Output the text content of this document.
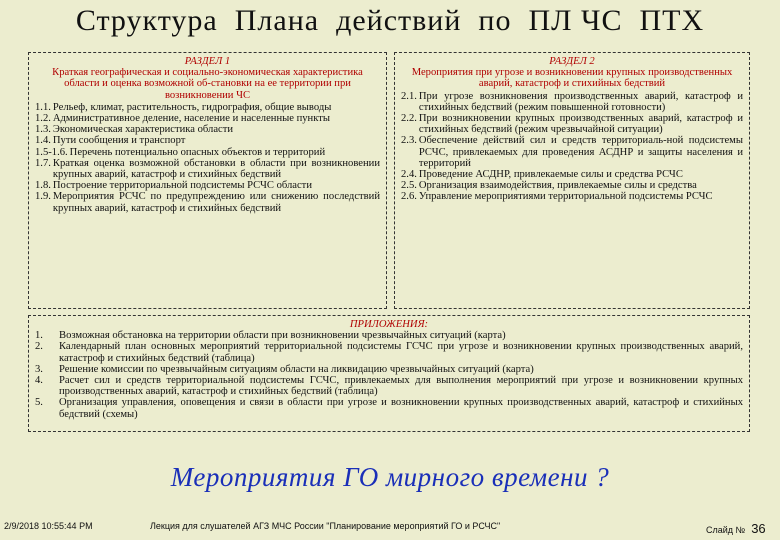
Структура  Плана  действий  по  ПЛ ЧС  ПТХ

РАЗДЕЛ 1

Краткая географическая и социально-экономическая характеристика области и оценка возможной об-становки на ее территории при возникновении ЧС

1.1. Рельеф, климат, растительность, гидрография, общие выводы
1.2. Административное деление, население и населенные пункты
1.3. Экономическая характеристика области
1.4. Пути сообщения и транспорт
1.5-1.6. Перечень потенциально опасных объектов и территорий
1.7. Краткая оценка возможной обстановки в области при возникновении крупных аварий, катастроф и стихийных бедствий
1.8. Построение территориальной подсистемы РСЧС области
1.9. Мероприятия РСЧС по предупреждению или снижению последствий крупных аварий, катастроф и стихийных бедствий

РАЗДЕЛ 2

Мероприятия при угрозе и возникновении крупных производственных аварий, катастроф и стихийных бедствий

2.1. При угрозе возникновения производственных аварий, катастроф и стихийных бедствий (режим повышенной готовности)
2.2. При возникновении крупных производственных аварий, катастроф и стихийных бедствий (режим чрезвычайной ситуации)
2.3. Обеспечение действий сил и средств территориаль-ной подсистемы РСЧС, привлекаемых для проведения АСДНР и защиты населения и территорий
2.4. Проведение АСДНР, привлекаемые силы и средства РСЧС
2.5. Организация взаимодействия, привлекаемые силы и средства
2.6. Управление мероприятиями территориальной подсистемы РСЧС

ПРИЛОЖЕНИЯ:

1.	Возможная обстановка на территории области при возникновении чрезвычайных ситуаций (карта)
2.	Календарный план основных мероприятий территориальной подсистемы ГСЧС при угрозе и возникновении крупных производственных аварий, катастроф и стихийных бедствий (таблица)
3.	Решение комиссии по чрезвычайным ситуациям области на ликвидацию чрезвычайных ситуаций (карта)
4.	Расчет сил и средств территориальной подсистемы ГСЧС, привлекаемых для выполнения мероприятий при угрозе и возникновении крупных производственных аварий, катастроф и стихийных бедствий (таблица)
5.	Организация управления, оповещения и связи в области при угрозе и возникновении крупных производственных аварий, катастроф и стихийных бедствий (схемы)
Мероприятия ГО мирного времени ?
2/9/2018 10:55:44 PM	Лекция для слушателей АГЗ МЧС России "Планирование мероприятий ГО и РСЧС"	Слайд № 36
